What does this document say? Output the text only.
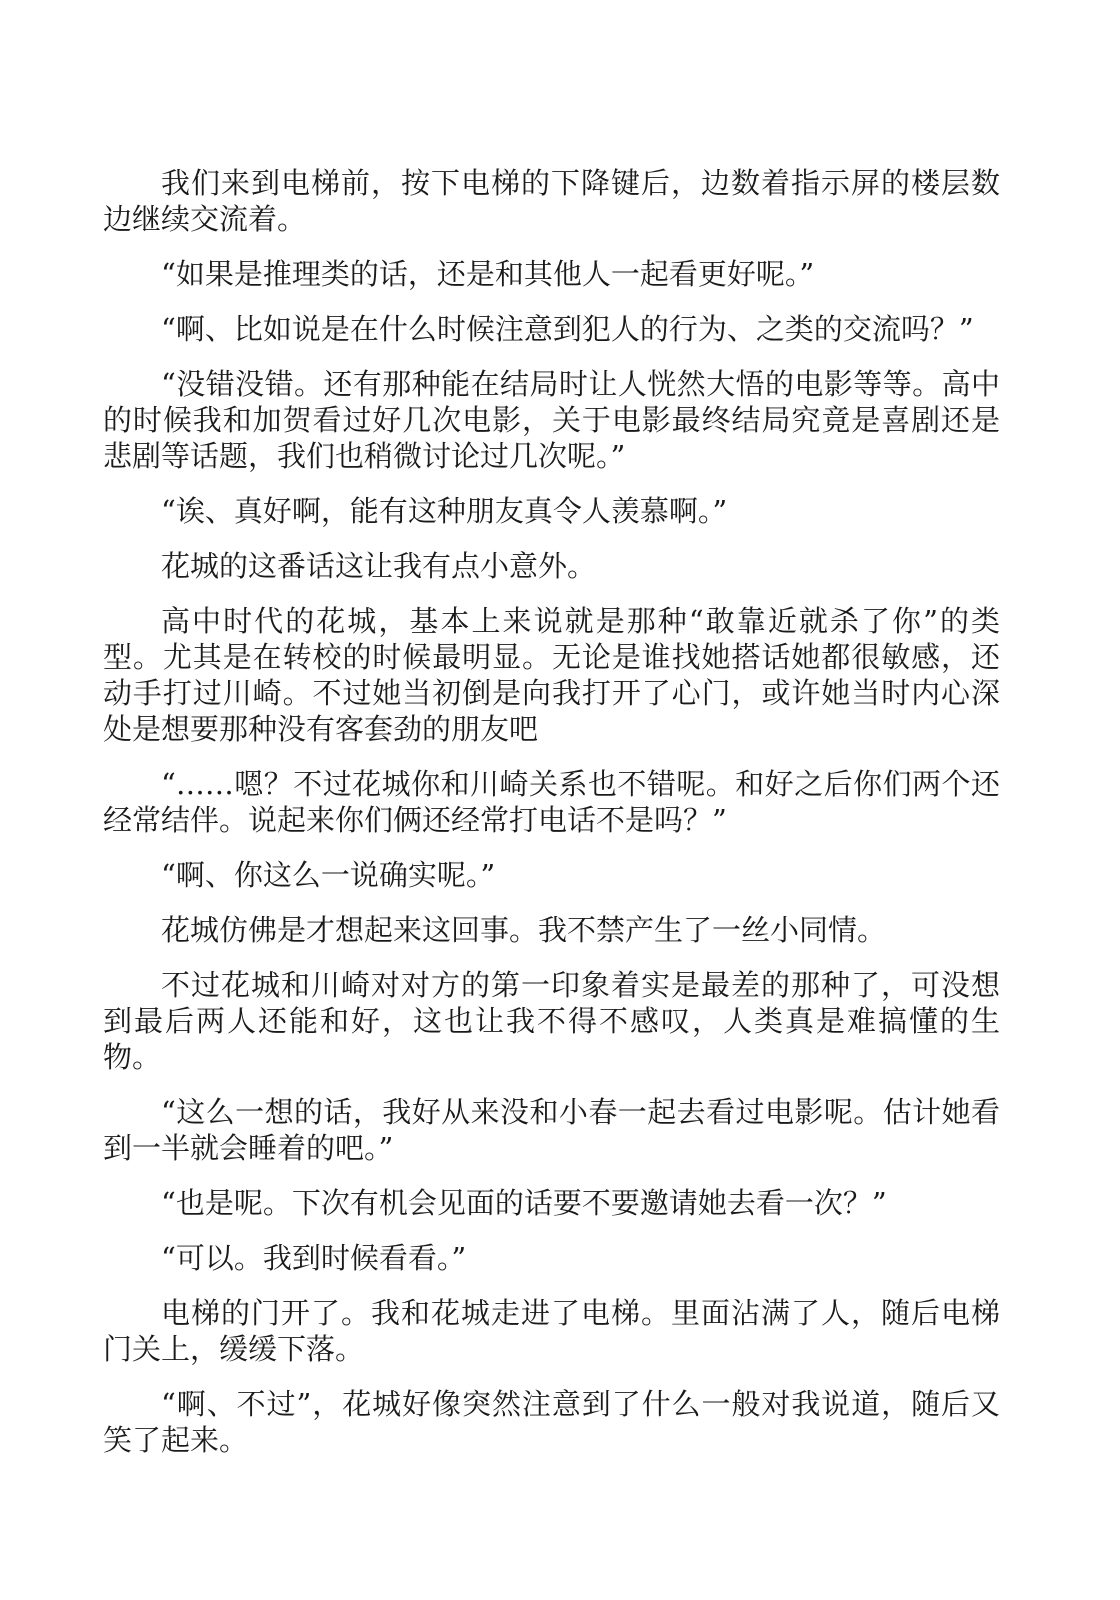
我们来到电梯前，按下电梯的下降键后，边数着指示屏的楼层数边继续交流着。

“如果是推理类的话，还是和其他人一起看更好呢。”

“啊、比如说是在什么时候注意到犯人的行为、之类的交流吗？”

“没错没错。还有那种能在结局时让人恍然大悟的电影等等。高中的时候我和加贺看过好几次电影，关于电影最终结局究竟是喜剧还是悲剧等话题，我们也稍微讨论过几次呢。”

“诶、真好啊，能有这种朋友真令人羡慕啊。”

花城的这番话这让我有点小意外。

高中时代的花城，基本上来说就是那种“敢靠近就杀了你”的类型。尤其是在转校的时候最明显。无论是谁找她搭话她都很敏感，还动手打过川崎。不过她当初倒是向我打开了心门，或许她当时内心深处是想要那种没有客套劲的朋友吧

“……嗯？不过花城你和川崎关系也不错呢。和好之后你们两个还经常结伴。说起来你们俩还经常打电话不是吗？”

“啊、你这么一说确实呢。”

花城仿佛是才想起来这回事。我不禁产生了一丝小同情。

不过花城和川崎对对方的第一印象着实是最差的那种了，可没想到最后两人还能和好，这也让我不得不感叹，人类真是难搞懂的生物。

“这么一想的话，我好从来没和小春一起去看过电影呢。估计她看到一半就会睡着的吧。”

“也是呢。下次有机会见面的话要不要邀请她去看一次？”

“可以。我到时候看看。”

电梯的门开了。我和花城走进了电梯。里面沾满了人，随后电梯门关上，缓缓下落。

“啊、不过”，花城好像突然注意到了什么一般对我说道，随后又笑了起来。
